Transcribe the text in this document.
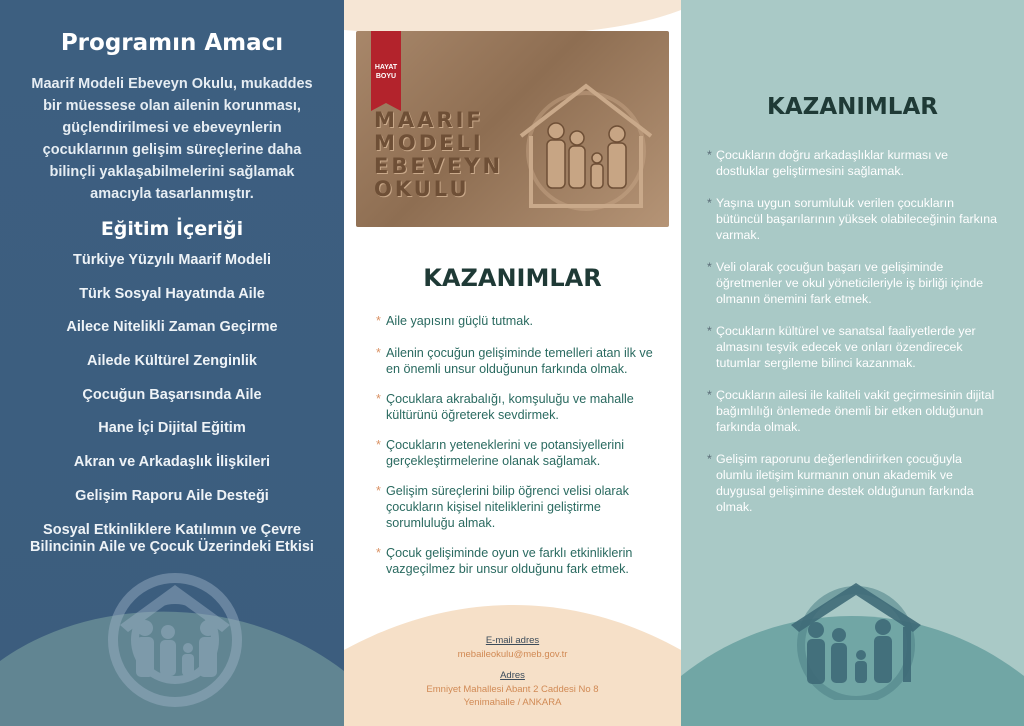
Programın Amacı
Maarif Modeli Ebeveyn Okulu, mukaddes bir müessese olan ailenin korunması, güçlendirilmesi ve ebeveynlerin çocuklarının gelişim süreçlerine daha bilinçli yaklaşabilmelerini sağlamak amacıyla tasarlanmıştır.
Eğitim İçeriği
Türkiye Yüzyılı Maarif Modeli
Türk Sosyal Hayatında Aile
Ailece Nitelikli Zaman Geçirme
Ailede Kültürel Zenginlik
Çocuğun Başarısında Aile
Hane İçi Dijital Eğitim
Akran ve Arkadaşlık İlişkileri
Gelişim Raporu Aile Desteği
Sosyal Etkinliklere Katılımın ve Çevre Bilincinin Aile ve Çocuk Üzerindeki Etkisi
HAYAT BOYU
MAARIF MODELI EBEVEYN OKULU
KAZANIMLAR
* Aile yapısını güçlü tutmak.
* Ailenin çocuğun gelişiminde temelleri atan ilk ve en önemli unsur olduğunun farkında olmak.
* Çocuklara akrabalığı, komşuluğu ve mahalle kültürünü öğreterek sevdirmek.
* Çocukların yeteneklerini ve potansiyellerini gerçekleştirmelerine olanak sağlamak.
* Gelişim süreçlerini bilip öğrenci velisi olarak çocukların kişisel niteliklerini geliştirme sorumluluğu almak.
* Çocuk gelişiminde oyun ve farklı etkinliklerin vazgeçilmez bir unsur olduğunu fark etmek.
E-mail adres
mebaileokulu@meb.gov.tr
Adres
Emniyet Mahallesi Abant 2 Caddesi No 8
Yenimahalle / ANKARA
KAZANIMLAR
* Çocukların doğru arkadaşlıklar kurması ve dostluklar geliştirmesini sağlamak.
* Yaşına uygun sorumluluk verilen çocukların bütüncül başarılarının yüksek olabileceğinin farkına varmak.
* Veli olarak çocuğun başarı ve gelişiminde öğretmenler ve okul yöneticileriyle iş birliği içinde olmanın önemini fark etmek.
* Çocukların kültürel ve sanatsal faaliyetlerde yer almasını teşvik edecek ve onları özendirecek tutumlar sergileme bilinci kazanmak.
* Çocukların ailesi ile kaliteli vakit geçirmesinin dijital bağımlılığı önlemede önemli bir etken olduğunun farkında olmak.
* Gelişim raporunu değerlendirirken çocuğuyla olumlu iletişim kurmanın onun akademik ve duygusal gelişimine destek olduğunun farkında olmak.
